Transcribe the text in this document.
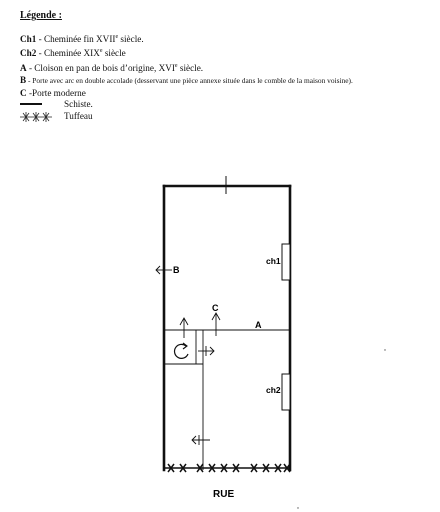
Légende :
Ch1 - Cheminée fin XVIIe siècle.
Ch2 - Cheminée XIXe siècle
A - Cloison en pan de bois d’origine, XVIe siècle.
B - Porte avec arc en double accolade (desservant une pièce annexe située dans le comble de la maison voisine).
C -Porte moderne
Schiste.
Tuffeau
ch1
ch2
A
B
C
RUE
